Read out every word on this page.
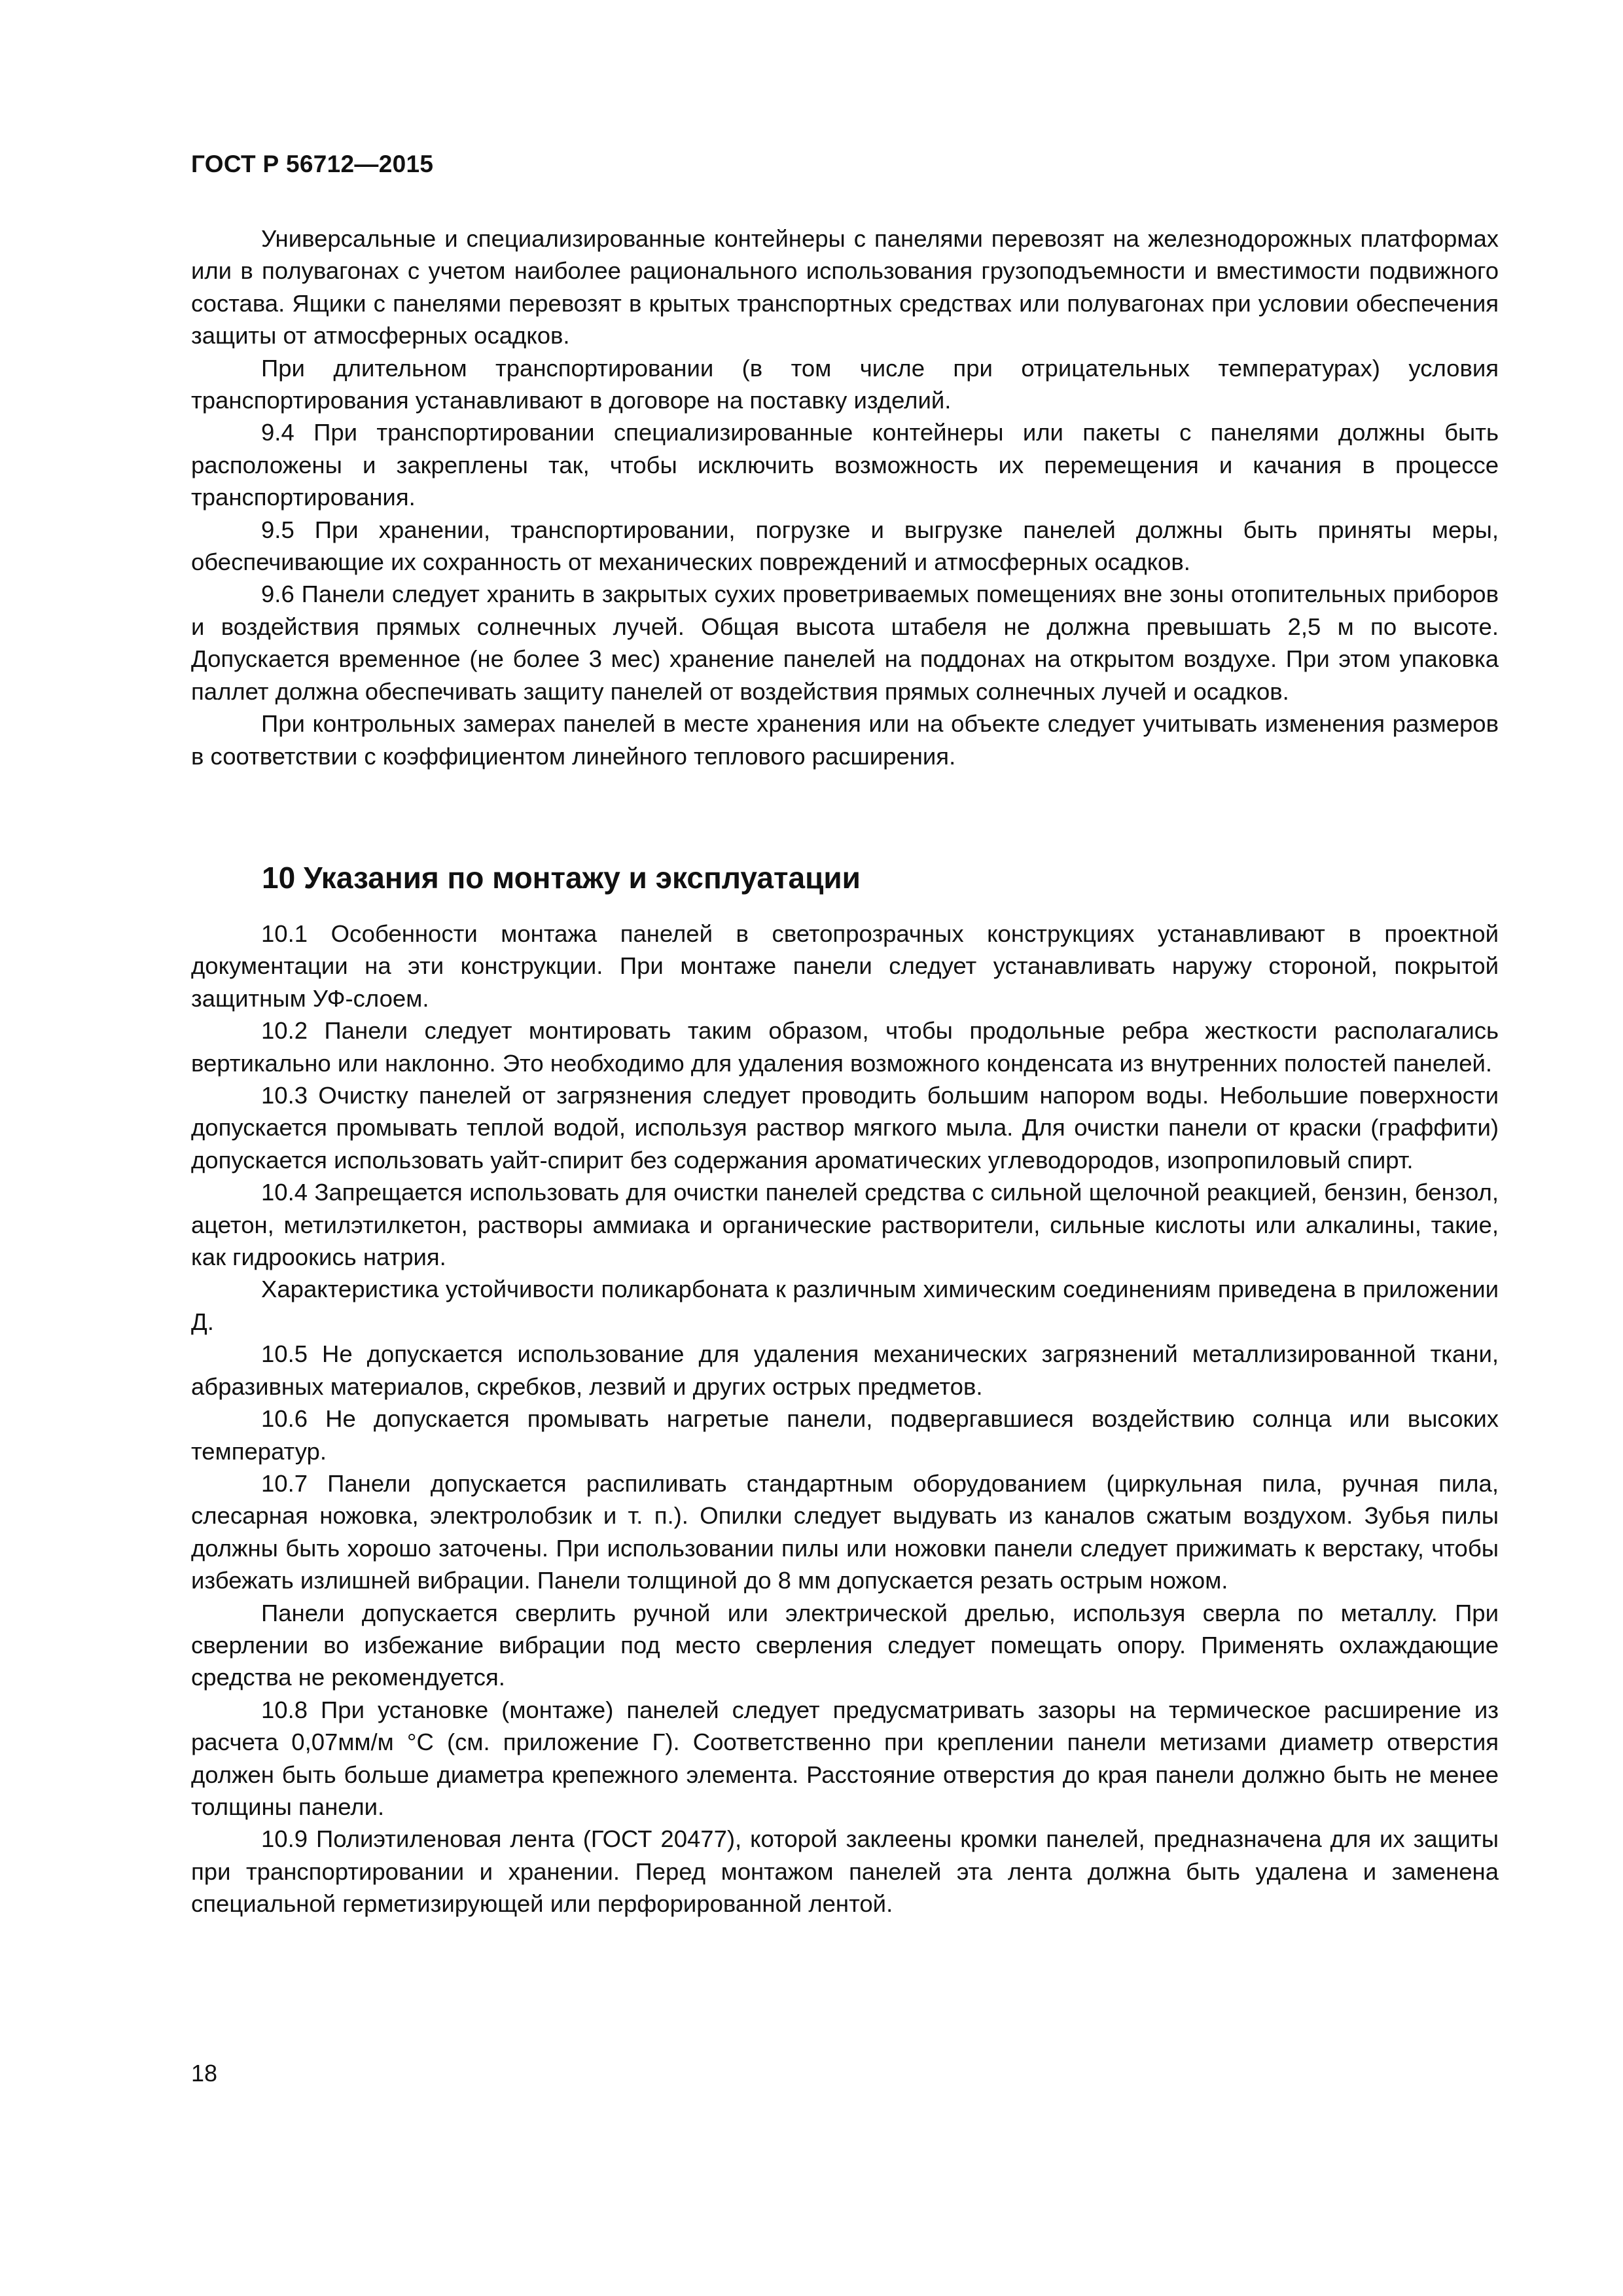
ГОСТ Р 56712—2015

Универсальные и специализированные контейнеры с панелями перевозят на железнодорожных платформах или в полувагонах с учетом наиболее рационального использования грузоподъемности и вместимости подвижного состава. Ящики с панелями перевозят в крытых транспортных средствах или полувагонах при условии обеспечения защиты от атмосферных осадков.

При длительном транспортировании (в том числе при отрицательных температурах) условия транспортирования устанавливают в договоре на поставку изделий.

9.4 При транспортировании специализированные контейнеры или пакеты с панелями должны быть расположены и закреплены так, чтобы исключить возможность их перемещения и качания в процессе транспортирования.

9.5 При хранении, транспортировании, погрузке и выгрузке панелей должны быть приняты меры, обеспечивающие их сохранность от механических повреждений и атмосферных осадков.

9.6 Панели следует хранить в закрытых сухих проветриваемых помещениях вне зоны отопительных приборов и воздействия прямых солнечных лучей. Общая высота штабеля не должна превышать 2,5 м по высоте. Допускается временное (не более 3 мес) хранение панелей на поддонах на открытом воздухе. При этом упаковка паллет должна обеспечивать защиту панелей от воздействия прямых солнечных лучей и осадков.

При контрольных замерах панелей в месте хранения или на объекте следует учитывать изменения размеров в соответствии с коэффициентом линейного теплового расширения.

10 Указания по монтажу и эксплуатации

10.1 Особенности монтажа панелей в светопрозрачных конструкциях устанавливают в проектной документации на эти конструкции. При монтаже панели следует устанавливать наружу стороной, покрытой защитным УФ-слоем.

10.2 Панели следует монтировать таким образом, чтобы продольные ребра жесткости располагались вертикально или наклонно. Это необходимо для удаления возможного конденсата из внутренних полостей панелей.

10.3 Очистку панелей от загрязнения следует проводить большим напором воды. Небольшие поверхности допускается промывать теплой водой, используя раствор мягкого мыла. Для очистки панели от краски (граффити) допускается использовать уайт-спирит без содержания ароматических углеводородов, изопропиловый спирт.

10.4 Запрещается использовать для очистки панелей средства с сильной щелочной реакцией, бензин, бензол, ацетон, метилэтилкетон, растворы аммиака и органические растворители, сильные кислоты или алкалины, такие, как гидроокись натрия.

Характеристика устойчивости поликарбоната к различным химическим соединениям приведена в приложении Д.

10.5 Не допускается использование для удаления механических загрязнений металлизированной ткани, абразивных материалов, скребков, лезвий и других острых предметов.

10.6 Не допускается промывать нагретые панели, подвергавшиеся воздействию солнца или высоких температур.

10.7 Панели допускается распиливать стандартным оборудованием (циркульная пила, ручная пила, слесарная ножовка, электролобзик и т. п.). Опилки следует выдувать из каналов сжатым воздухом. Зубья пилы должны быть хорошо заточены. При использовании пилы или ножовки панели следует прижимать к верстаку, чтобы избежать излишней вибрации. Панели толщиной до 8 мм допускается резать острым ножом.

Панели допускается сверлить ручной или электрической дрелью, используя сверла по металлу. При сверлении во избежание вибрации под место сверления следует помещать опору. Применять охлаждающие средства не рекомендуется.

10.8 При установке (монтаже) панелей следует предусматривать зазоры на термическое расширение из расчета 0,07мм/м °С (см. приложение Г). Соответственно при креплении панели метизами диаметр отверстия должен быть больше диаметра крепежного элемента. Расстояние отверстия до края панели должно быть не менее толщины панели.

10.9 Полиэтиленовая лента (ГОСТ 20477), которой заклеены кромки панелей, предназначена для их защиты при транспортировании и хранении. Перед монтажом панелей эта лента должна быть удалена и заменена специальной герметизирующей или перфорированной лентой.

18
